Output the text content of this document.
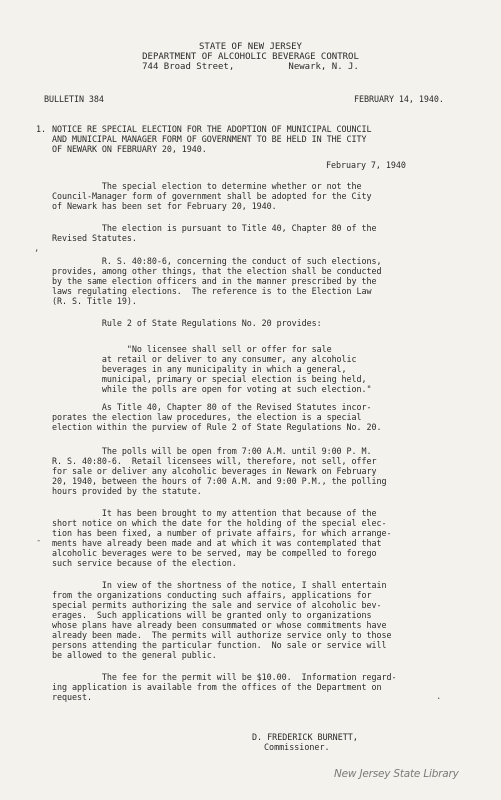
STATE OF NEW JERSEY
DEPARTMENT OF ALCOHOLIC BEVERAGE CONTROL
744 Broad Street,          Newark, N. J.
BULLETIN 384	FEBRUARY 14, 1940.
1. NOTICE RE SPECIAL ELECTION FOR THE ADOPTION OF MUNICIPAL COUNCIL
AND MUNICIPAL MANAGER FORM OF GOVERNMENT TO BE HELD IN THE CITY
OF NEWARK ON FEBRUARY 20, 1940.
February 7, 1940
The special election to determine whether or not the
Council-Manager form of government shall be adopted for the City
of Newark has been set for February 20, 1940.
The election is pursuant to Title 40, Chapter 80 of the
Revised Statutes.
R. S. 40:80-6, concerning the conduct of such elections,
provides, among other things, that the election shall be conducted
by the same election officers and in the manner prescribed by the
laws regulating elections.  The reference is to the Election Law
(R. S. Title 19).
Rule 2 of State Regulations No. 20 provides:
"No licensee shall sell or offer for sale
at retail or deliver to any consumer, any alcoholic
beverages in any municipality in which a general,
municipal, primary or special election is being held,
while the polls are open for voting at such election."
As Title 40, Chapter 80 of the Revised Statutes incor-
porates the election law procedures, the election is a special
election within the purview of Rule 2 of State Regulations No. 20.
The polls will be open from 7:00 A.M. until 9:00 P. M.
R. S. 40:80-6.  Retail licensees will, therefore, not sell, offer
for sale or deliver any alcoholic beverages in Newark on February
20, 1940, between the hours of 7:00 A.M. and 9:00 P.M., the polling
hours provided by the statute.
It has been brought to my attention that because of the
short notice on which the date for the holding of the special elec-
tion has been fixed, a number of private affairs, for which arrange-
ments have already been made and at which it was contemplated that
alcoholic beverages were to be served, may be compelled to forego
such service because of the election.
In view of the shortness of the notice, I shall entertain
from the organizations conducting such affairs, applications for
special permits authorizing the sale and service of alcoholic bev-
erages.  Such applications will be granted only to organizations
whose plans have already been consummated or whose commitments have
already been made.  The permits will authorize service only to those
persons attending the particular function.  No sale or service will
be allowed to the general public.
The fee for the permit will be $10.00.  Information regard-
ing application is available from the offices of the Department on
request.
D. FREDERICK BURNETT,
Commissioner.
New Jersey State Library
,
-
.
